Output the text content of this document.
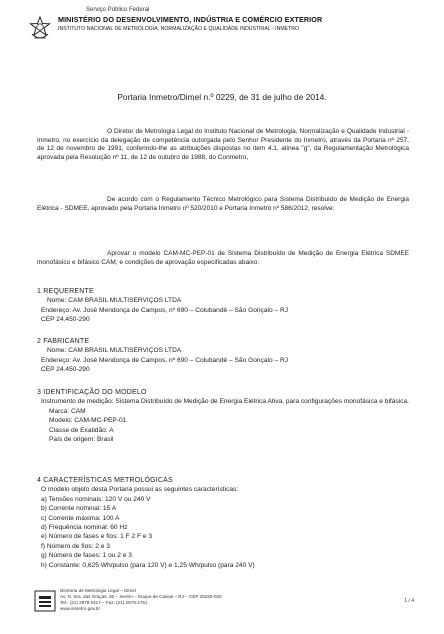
Serviço Público Federal
MINISTÉRIO DO DESENVOLVIMENTO, INDÚSTRIA E COMÉRCIO EXTERIOR
INSTITUTO NACIONAL DE METROLOGIA, NORMALIZAÇÃO E QUALIDADE INDUSTRIAL - INMETRO
Portaria Inmetro/Dimel n.º 0229, de 31 de julho de 2014.
O Diretor de Metrologia Legal do Instituto Nacional de Metrologia, Normalização e Qualidade Industrial - Inmetro, no exercício da delegação de competência outorgada pelo Senhor Presidente do Inmetro, através da Portaria nº 257, de 12 de novembro de 1991, conferindo-lhe as atribuições dispostas no item 4.1, alínea "g", da Regulamentação Metrológica aprovada pela Resolução nº 11, de 12 de outubro de 1988, do Conmetro,
De acordo com o Regulamento Técnico Metrológico para Sistema Distribuído de Medição de Energia Elétrica - SDMEE, aprovado pela Portaria Inmetro nº 520/2010 e Portaria Inmetro nº 586/2012, resolve:
Aprovar o modelo CAM-MC-PEP-01 de Sistema Distribuído de Medição de Energia Elétrica SDMEE monofásico e bifásico CAM, e condições de aprovação especificadas abaixo:
1 REQUERENTE
Nome: CAM BRASIL MULTISERVIÇOS LTDA
Endereço: Av. José Mendonça de Campos, nº 690 – Colubandê – São Gonçalo – RJ
CEP 24.450-290
2 FABRICANTE
Nome: CAM BRASIL MULTISERVIÇOS LTDA
Endereço: Av. José Mendonça de Campos, nº 690 – Colubandê – São Gonçalo – RJ
CEP 24.450-290
3 IDENTIFICAÇÃO DO MODELO
Instrumento de medição: Sistema Distribuído de Medição de Energia Elétrica Ativa, para configurações monofásica e bifásica.
Marca: CAM
Modelo: CAM-MC-PEP-01
Classe de Exatidão: A
País de origem: Brasil
4 CARACTERÍSTICAS METROLÓGICAS
O modelo objeto desta Portaria possui as seguintes características:
a) Tensões nominais: 120 V ou 240 V
b) Corrente nominal: 15 A
c) Corrente máxima: 100 A
d) Frequência nominal: 60 Hz
e) Número de fases e fios: 1 F 2 F e 3
f) Número de fios: 2 e 3
g) Número de fases: 1 ou 2 e 3
h) Constante: 0,625 Wh/pulso (para 120 V) e 1,25 Wh/pulso (para 240 V)
Diretoria de Metrologia Legal – Dimel
Av. N. Sra. das Graças, 50 – Xerém – Duque de Caxias – RJ – CEP 25250-020
Tel.: (21) 2679-9117 – Fax: (21) 2679-1761
www.inmetro.gov.br
1 / 4
